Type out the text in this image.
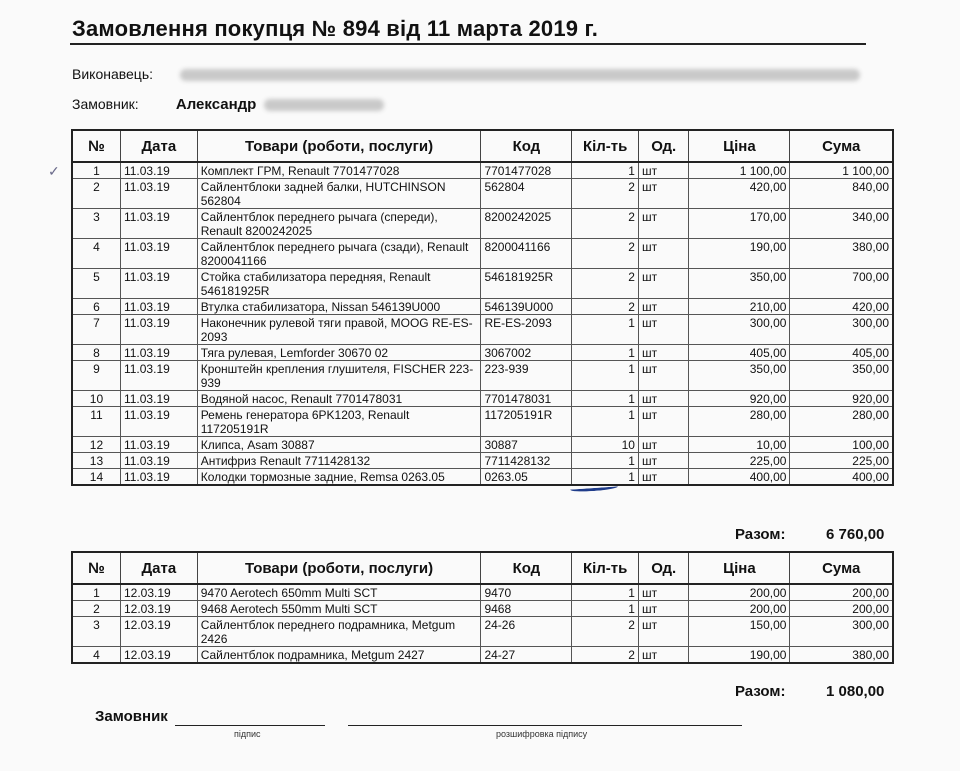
Замовлення покупця № 894 від 11 марта 2019 г.
Виконавець:
Замовник: Александр
✓
№	Дата	Товари (роботи, послуги)	Код	Кіл-ть	Од.	Ціна	Сума
1	11.03.19	Комплект ГРМ, Renault 7701477028	7701477028	1	шт	1 100,00	1 100,00
2	11.03.19	Сайлентблоки задней балки, HUTCHINSON 562804	562804	2	шт	420,00	840,00
3	11.03.19	Сайлентблок переднего рычага (спереди), Renault 8200242025	8200242025	2	шт	170,00	340,00
4	11.03.19	Сайлентблок переднего рычага (сзади), Renault 8200041166	8200041166	2	шт	190,00	380,00
5	11.03.19	Стойка стабилизатора передняя, Renault 546181925R	546181925R	2	шт	350,00	700,00
6	11.03.19	Втулка стабилизатора, Nissan 546139U000	546139U000	2	шт	210,00	420,00
7	11.03.19	Наконечник рулевой тяги правой, MOOG RE-ES-2093	RE-ES-2093	1	шт	300,00	300,00
8	11.03.19	Тяга рулевая, Lemforder 30670 02	3067002	1	шт	405,00	405,00
9	11.03.19	Кронштейн крепления глушителя, FISCHER 223-939	223-939	1	шт	350,00	350,00
10	11.03.19	Водяной насос, Renault 7701478031	7701478031	1	шт	920,00	920,00
11	11.03.19	Ремень генератора 6PK1203, Renault 117205191R	117205191R	1	шт	280,00	280,00
12	11.03.19	Клипса, Asam 30887	30887	10	шт	10,00	100,00
13	11.03.19	Антифриз Renault 7711428132	7711428132	1	шт	225,00	225,00
14	11.03.19	Колодки тормозные задние, Remsa 0263.05	0263.05	1	шт	400,00	400,00
Разом:	6 760,00
№	Дата	Товари (роботи, послуги)	Код	Кіл-ть	Од.	Ціна	Сума
1	12.03.19	9470 Aerotech 650mm Multi SCT	9470	1	шт	200,00	200,00
2	12.03.19	9468 Aerotech 550mm Multi SCT	9468	1	шт	200,00	200,00
3	12.03.19	Сайлентблок переднего подрамника, Metgum 2426	24-26	2	шт	150,00	300,00
4	12.03.19	Сайлентблок подрамника, Metgum 2427	24-27	2	шт	190,00	380,00
Разом:	1 080,00
Замовник
підпис	розшифровка підпису
